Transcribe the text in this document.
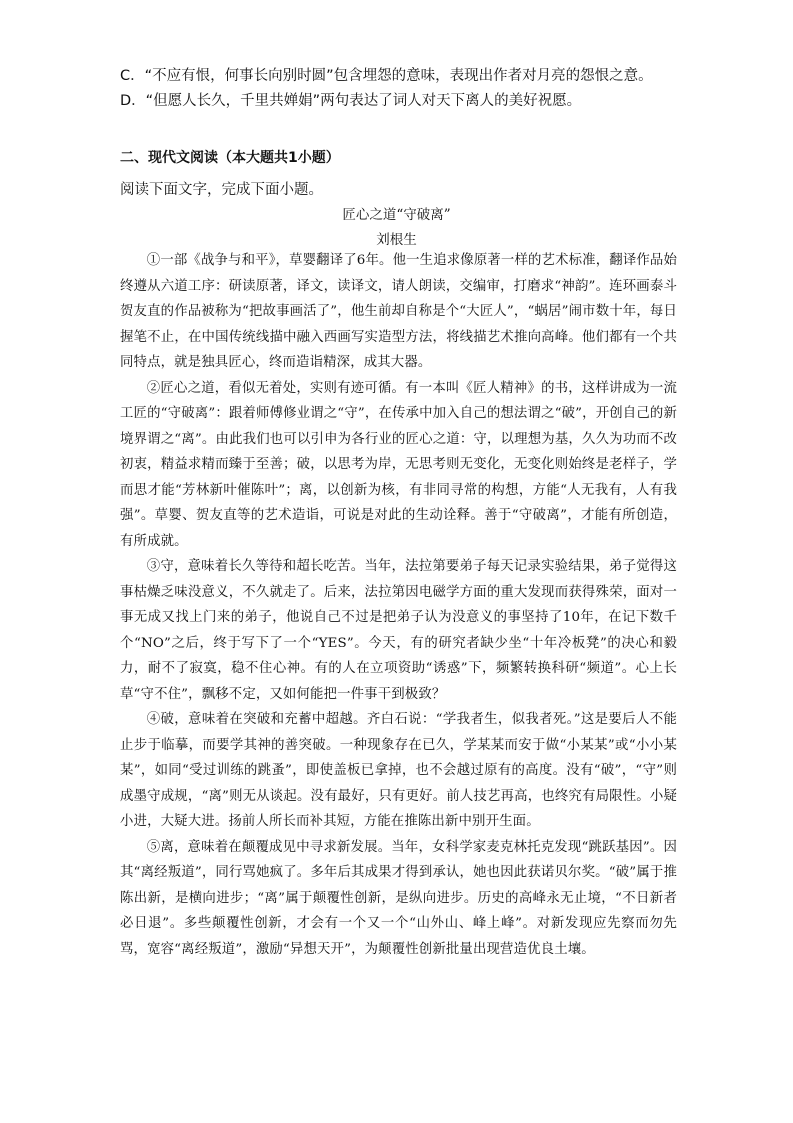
C．“不应有恨，何事长向别时圆”包含埋怨的意味，表现出作者对月亮的怨恨之意。
D．“但愿人长久，千里共婵娟”两句表达了词人对天下离人的美好祝愿。
二、现代文阅读（本大题共1小题）
阅读下面文字，完成下面小题。
匠心之道“守破离”
刘根生

①一部《战争与和平》，草婴翻译了6年。他一生追求像原著一样的艺术标准，翻译作品始终遵从六道工序：研读原著，译文，读译文，请人朗读，交编审，打磨求“神韵”。连环画泰斗贺友直的作品被称为“把故事画活了”，他生前却自称是个“大匠人”，“蜗居”闹市数十年，每日握笔不止，在中国传统线描中融入西画写实造型方法，将线描艺术推向高峰。他们都有一个共同特点，就是独具匠心，终而造诣精深，成其大器。

②匠心之道，看似无着处，实则有迹可循。有一本叫《匠人精神》的书，这样讲成为一流工匠的“守破离”：跟着师傅修业谓之“守”，在传承中加入自己的想法谓之“破”，开创自己的新境界谓之“离”。由此我们也可以引申为各行业的匠心之道：守，以理想为基，久久为功而不改初衷，精益求精而臻于至善；破，以思考为岸，无思考则无变化，无变化则始终是老样子，学而思才能“芳林新叶催陈叶”；离，以创新为核，有非同寻常的构想，方能“人无我有，人有我强”。草婴、贺友直等的艺术造诣，可说是对此的生动诠释。善于“守破离”，才能有所创造，有所成就。

③守，意味着长久等待和超长吃苦。当年，法拉第要弟子每天记录实验结果，弟子觉得这事枯燥乏味没意义，不久就走了。后来，法拉第因电磁学方面的重大发现而获得殊荣，面对一事无成又找上门来的弟子，他说自己不过是把弟子认为没意义的事坚持了10年，在记下数千个“NO”之后，终于写下了一个“YES”。今天，有的研究者缺少坐“十年冷板凳”的决心和毅力，耐不了寂寞，稳不住心神。有的人在立项资助“诱惑”下，频繁转换科研“频道”。心上长草“守不住”，飘移不定，又如何能把一件事干到极致？

④破，意味着在突破和充蓄中超越。齐白石说：“学我者生，似我者死。”这是要后人不能止步于临摹，而要学其神的善突破。一种现象存在已久，学某某而安于做“小某某”或“小小某某”，如同“受过训练的跳蚤”，即使盖板已拿掉，也不会越过原有的高度。没有“破”，“守”则成墨守成规，“离”则无从谈起。没有最好，只有更好。前人技艺再高，也终究有局限性。小疑小进，大疑大进。扬前人所长而补其短，方能在推陈出新中别开生面。

⑤离，意味着在颠覆成见中寻求新发展。当年，女科学家麦克林托克发现“跳跃基因”。因其“离经叛道”，同行骂她疯了。多年后其成果才得到承认，她也因此获诺贝尔奖。“破”属于推陈出新，是横向进步；“离”属于颠覆性创新，是纵向进步。历史的高峰永无止境，“不日新者必日退”。多些颠覆性创新，才会有一个又一个“山外山、峰上峰”。对新发现应先察而勿先骂，宽容“离经叛道”，激励“异想天开”，为颠覆性创新批量出现营造优良土壤。
